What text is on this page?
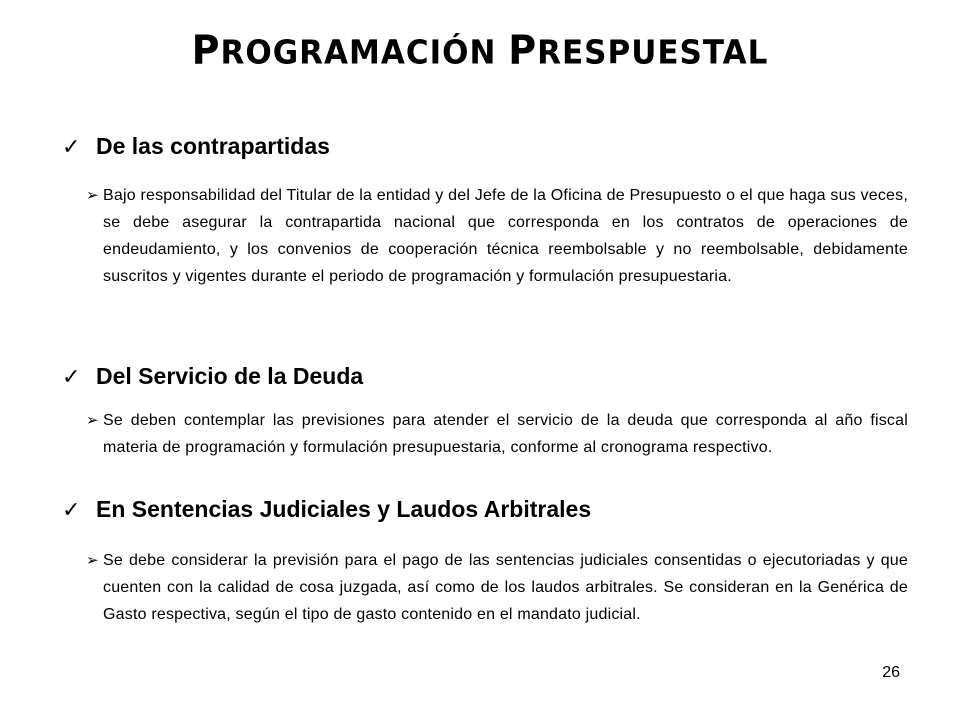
PROGRAMACIÓN PRESPUESTAL
✓ De las contrapartidas
➢ Bajo responsabilidad del Titular de la entidad y del Jefe de la Oficina de Presupuesto o el que haga sus veces, se debe asegurar la contrapartida nacional que corresponda en los contratos de operaciones de endeudamiento, y los convenios de cooperación técnica reembolsable y no reembolsable, debidamente suscritos y vigentes durante el periodo de programación y formulación presupuestaria.
✓ Del Servicio de la Deuda
➢ Se deben contemplar las previsiones para atender el servicio de la deuda que corresponda al año fiscal materia de programación y formulación presupuestaria, conforme al cronograma respectivo.
✓ En Sentencias Judiciales y Laudos Arbitrales
➢ Se debe considerar la previsión para el pago de las sentencias judiciales consentidas o ejecutoriadas y que cuenten con la calidad de cosa juzgada, así como de los laudos arbitrales. Se consideran en la Genérica de Gasto respectiva, según el tipo de gasto contenido en el mandato judicial.
26
